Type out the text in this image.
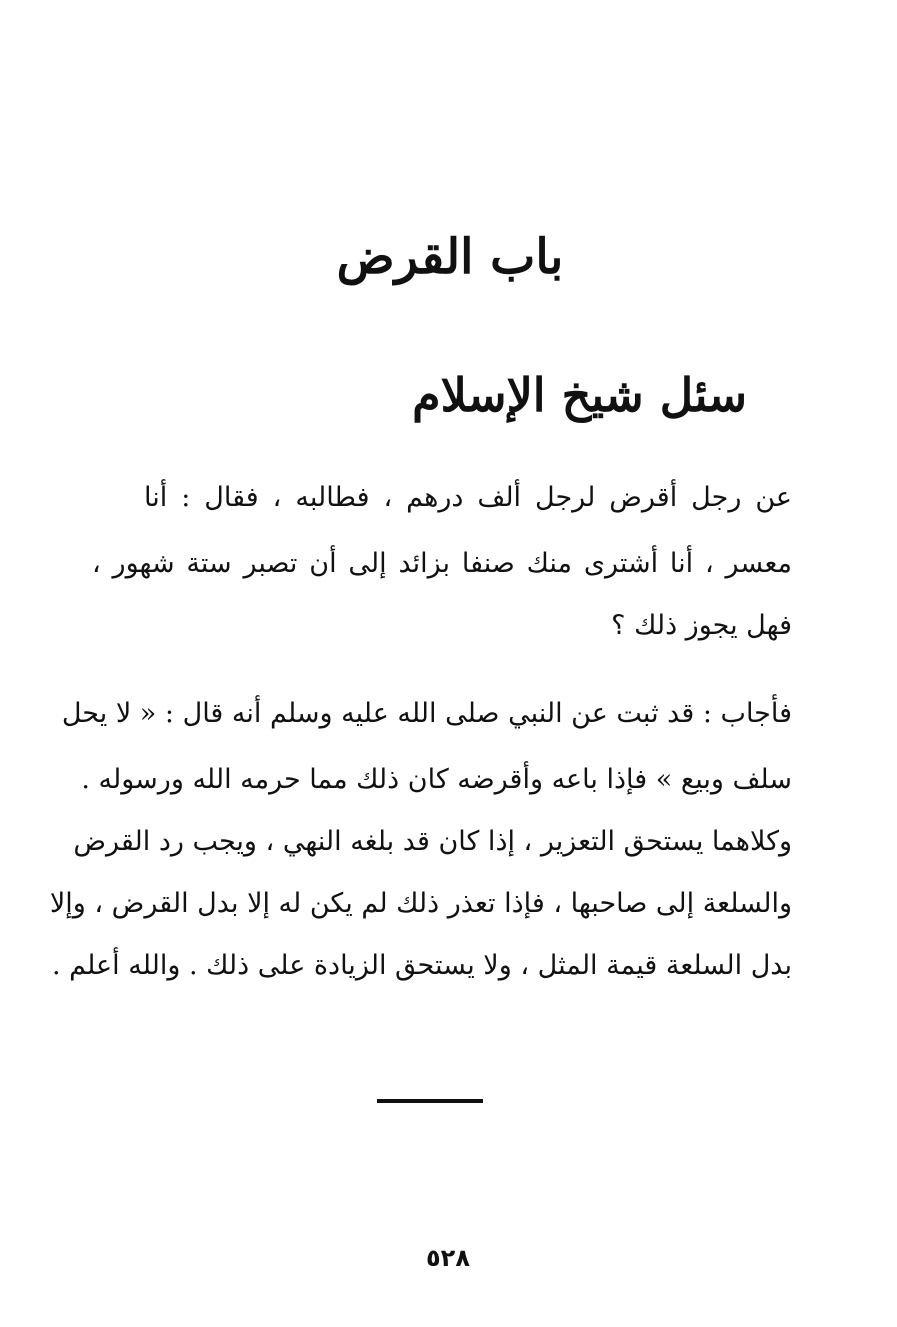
باب القرض
سئل شيخ الإسلام
عن رجل أقرض لرجل ألف درهم ، فطالبه ، فقال : أنا
معسر ، أنا أشترى منك صنفا بزائد إلى أن تصبر ستة شهور ،
فهل يجوز ذلك ؟
فأجاب : قد ثبت عن النبي صلى الله عليه وسلم أنه قال : « لا يحل
سلف وبيع » فإذا باعه وأقرضه كان ذلك مما حرمه الله ورسوله .
وكلاهما يستحق التعزير ، إذا كان قد بلغه النهي ، ويجب رد القرض
والسلعة إلى صاحبها ، فإذا تعذر ذلك لم يكن له إلا بدل القرض ، وإلا
بدل السلعة قيمة المثل ، ولا يستحق الزيادة على ذلك . والله أعلم .
٥٢٨
